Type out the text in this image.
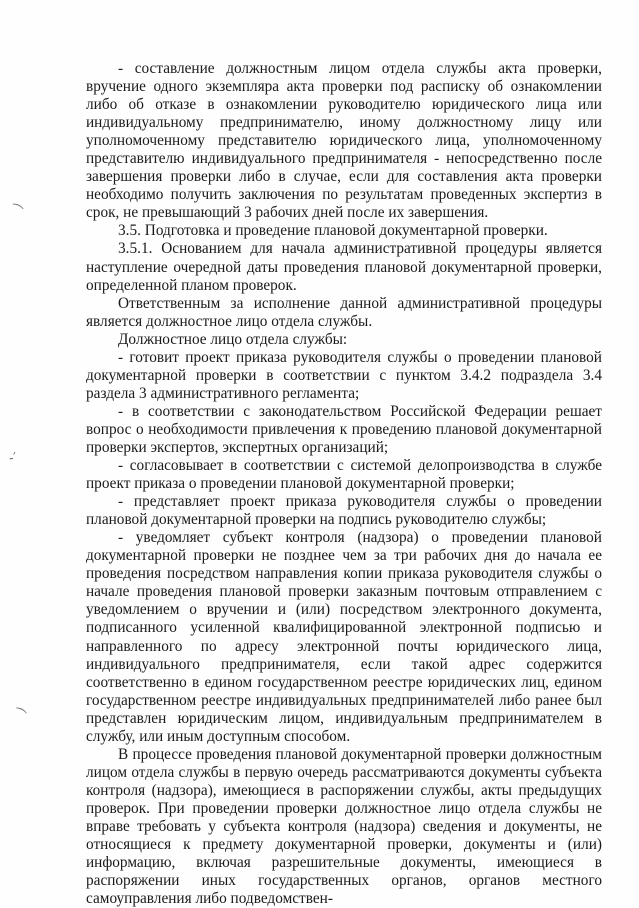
⁀
‐′
⁀

- составление должностным лицом отдела службы акта проверки, вручение одного экземпляра акта проверки под расписку об ознакомлении либо об отказе в ознакомлении руководителю юридического лица или индивидуальному предпринимателю, иному должностному лицу или уполномоченному представителю юридического лица, уполномоченному представителю индивидуального предпринимателя - непосредственно после завершения проверки либо в случае, если для составления акта проверки необходимо получить заключения по результатам проведенных экспертиз в срок, не превышающий 3 рабочих дней после их завершения.

3.5. Подготовка и проведение плановой документарной проверки.

3.5.1. Основанием для начала административной процедуры является наступление очередной даты проведения плановой документарной проверки, определенной планом проверок.

Ответственным за исполнение данной административной процедуры является должностное лицо отдела службы.

Должностное лицо отдела службы:

- готовит проект приказа руководителя службы о проведении плановой документарной проверки в соответствии с пунктом 3.4.2 подраздела 3.4 раздела 3 административного регламента;

- в соответствии с законодательством Российской Федерации решает вопрос о необходимости привлечения к проведению плановой документарной проверки экспертов, экспертных организаций;

- согласовывает в соответствии с системой делопроизводства в службе проект приказа о проведении плановой документарной проверки;

- представляет проект приказа руководителя службы о проведении плановой документарной проверки на подпись руководителю службы;

- уведомляет субъект контроля (надзора) о проведении плановой документарной проверки не позднее чем за три рабочих дня до начала ее проведения посредством направления копии приказа руководителя службы о начале проведения плановой проверки заказным почтовым отправлением с уведомлением о вручении и (или) посредством электронного документа, подписанного усиленной квалифицированной электронной подписью и направленного по адресу электронной почты юридического лица, индивидуального предпринимателя, если такой адрес содержится соответственно в едином государственном реестре юридических лиц, едином государственном реестре индивидуальных предпринимателей либо ранее был представлен юридическим лицом, индивидуальным предпринимателем в службу, или иным доступным способом.

В процессе проведения плановой документарной проверки должностным лицом отдела службы в первую очередь рассматриваются документы субъекта контроля (надзора), имеющиеся в распоряжении службы, акты предыдущих проверок. При проведении проверки должностное лицо отдела службы не вправе требовать у субъекта контроля (надзора) сведения и документы, не относящиеся к предмету документарной проверки, документы и (или) информацию, включая разрешительные документы, имеющиеся в распоряжении иных государственных органов, органов местного самоуправления либо подведомствен-
